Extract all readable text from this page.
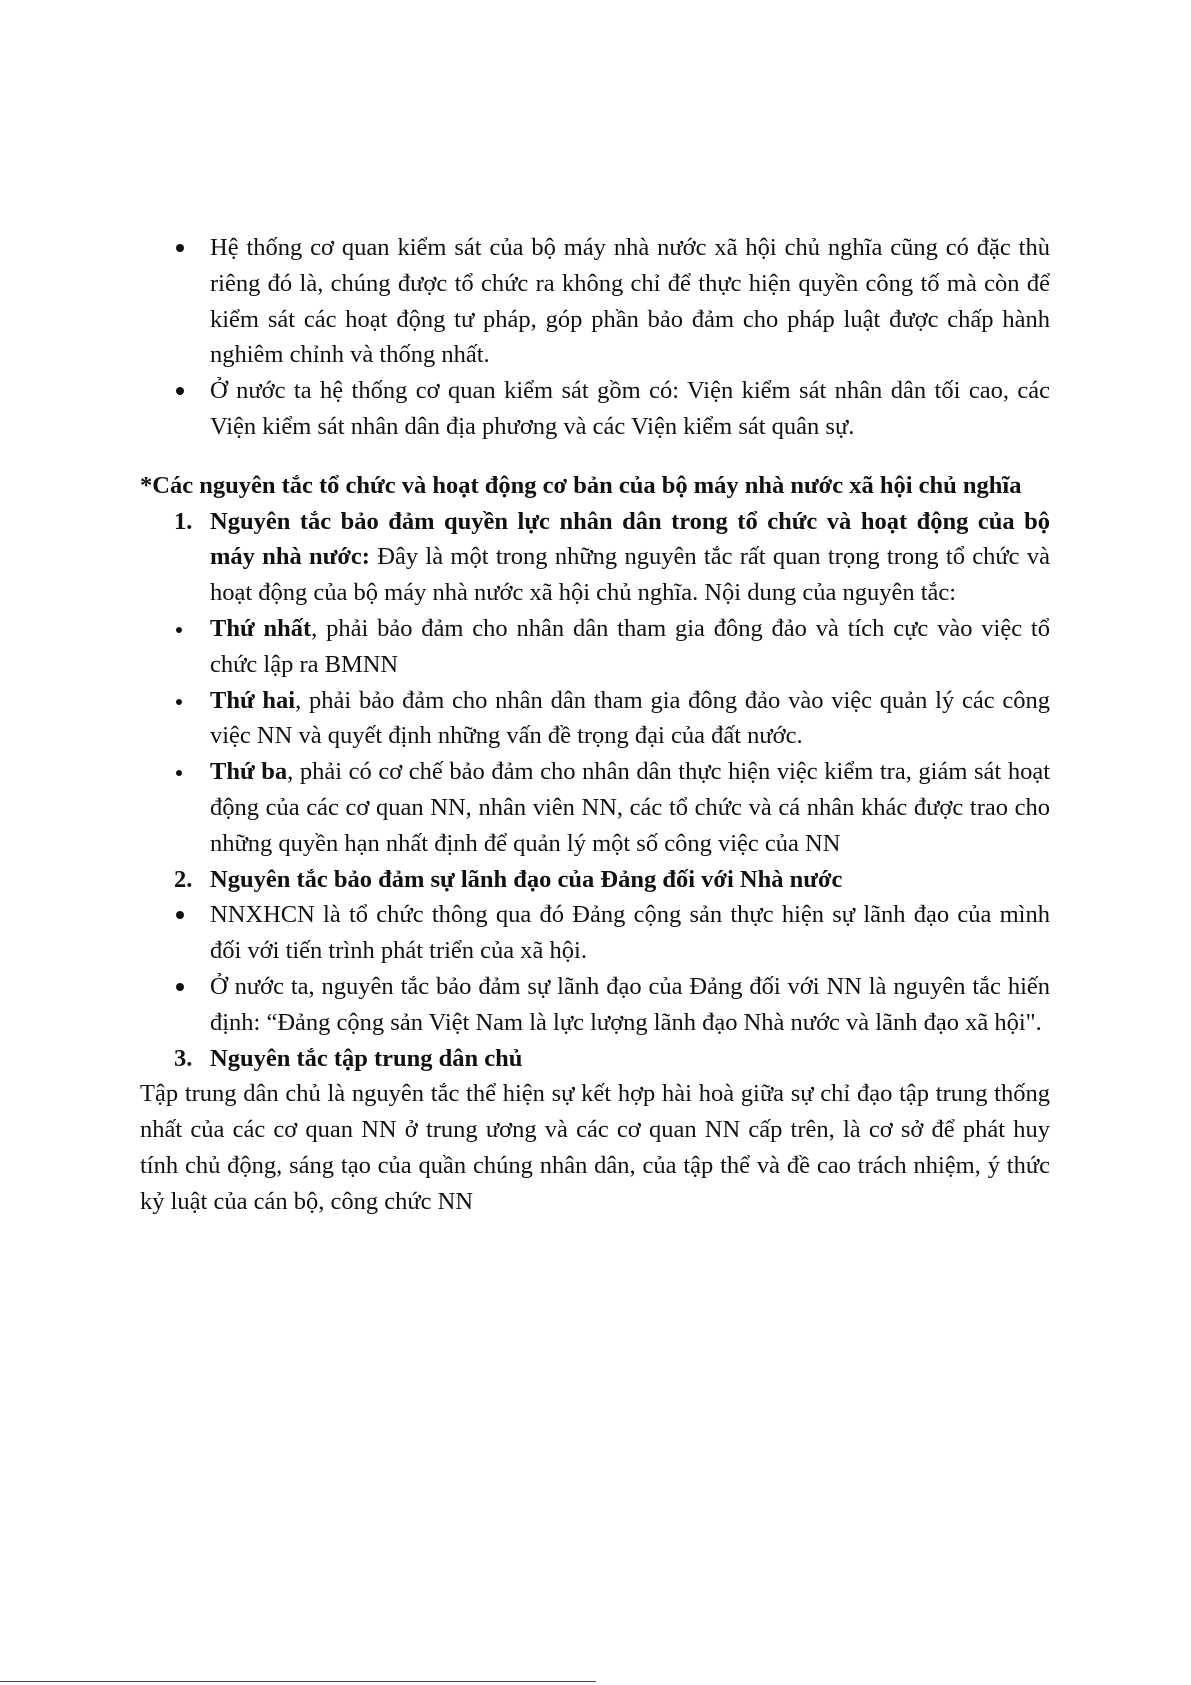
Hệ thống cơ quan kiểm sát của bộ máy nhà nước xã hội chủ nghĩa cũng có đặc thù riêng đó là, chúng được tổ chức ra không chỉ để thực hiện quyền công tố mà còn để kiểm sát các hoạt động tư pháp, góp phần bảo đảm cho pháp luật được chấp hành nghiêm chỉnh và thống nhất.
Ở nước ta hệ thống cơ quan kiểm sát gồm có: Viện kiểm sát nhân dân tối cao, các Viện kiểm sát nhân dân địa phương và các Viện kiểm sát quân sự.
*Các nguyên tắc tổ chức và hoạt động cơ bản của bộ máy nhà nước xã hội chủ nghĩa
1. Nguyên tắc bảo đảm quyền lực nhân dân trong tổ chức và hoạt động của bộ máy nhà nước: Đây là một trong những nguyên tắc rất quan trọng trong tổ chức và hoạt động của bộ máy nhà nước xã hội chủ nghĩa. Nội dung của nguyên tắc:
Thứ nhất, phải bảo đảm cho nhân dân tham gia đông đảo và tích cực vào việc tổ chức lập ra BMNN
Thứ hai, phải bảo đảm cho nhân dân tham gia đông đảo vào việc quản lý các công việc NN và quyết định những vấn đề trọng đại của đất nước.
Thứ ba, phải có cơ chế bảo đảm cho nhân dân thực hiện việc kiểm tra, giám sát hoạt động của các cơ quan NN, nhân viên NN, các tổ chức và cá nhân khác được trao cho những quyền hạn nhất định để quản lý một số công việc của NN
2. Nguyên tắc bảo đảm sự lãnh đạo của Đảng đối với Nhà nước
NNXHCN là tổ chức thông qua đó Đảng cộng sản thực hiện sự lãnh đạo của mình đối với tiến trình phát triển của xã hội.
Ở nước ta, nguyên tắc bảo đảm sự lãnh đạo của Đảng đối với NN là nguyên tắc hiến định: “Đảng cộng sản Việt Nam là lực lượng lãnh đạo Nhà nước và lãnh đạo xã hội".
3. Nguyên tắc tập trung dân chủ
Tập trung dân chủ là nguyên tắc thể hiện sự kết hợp hài hoà giữa sự chỉ đạo tập trung thống nhất của các cơ quan NN ở trung ương và các cơ quan NN cấp trên, là cơ sở để phát huy tính chủ động, sáng tạo của quần chúng nhân dân, của tập thể và đề cao trách nhiệm, ý thức kỷ luật của cán bộ, công chức NN
